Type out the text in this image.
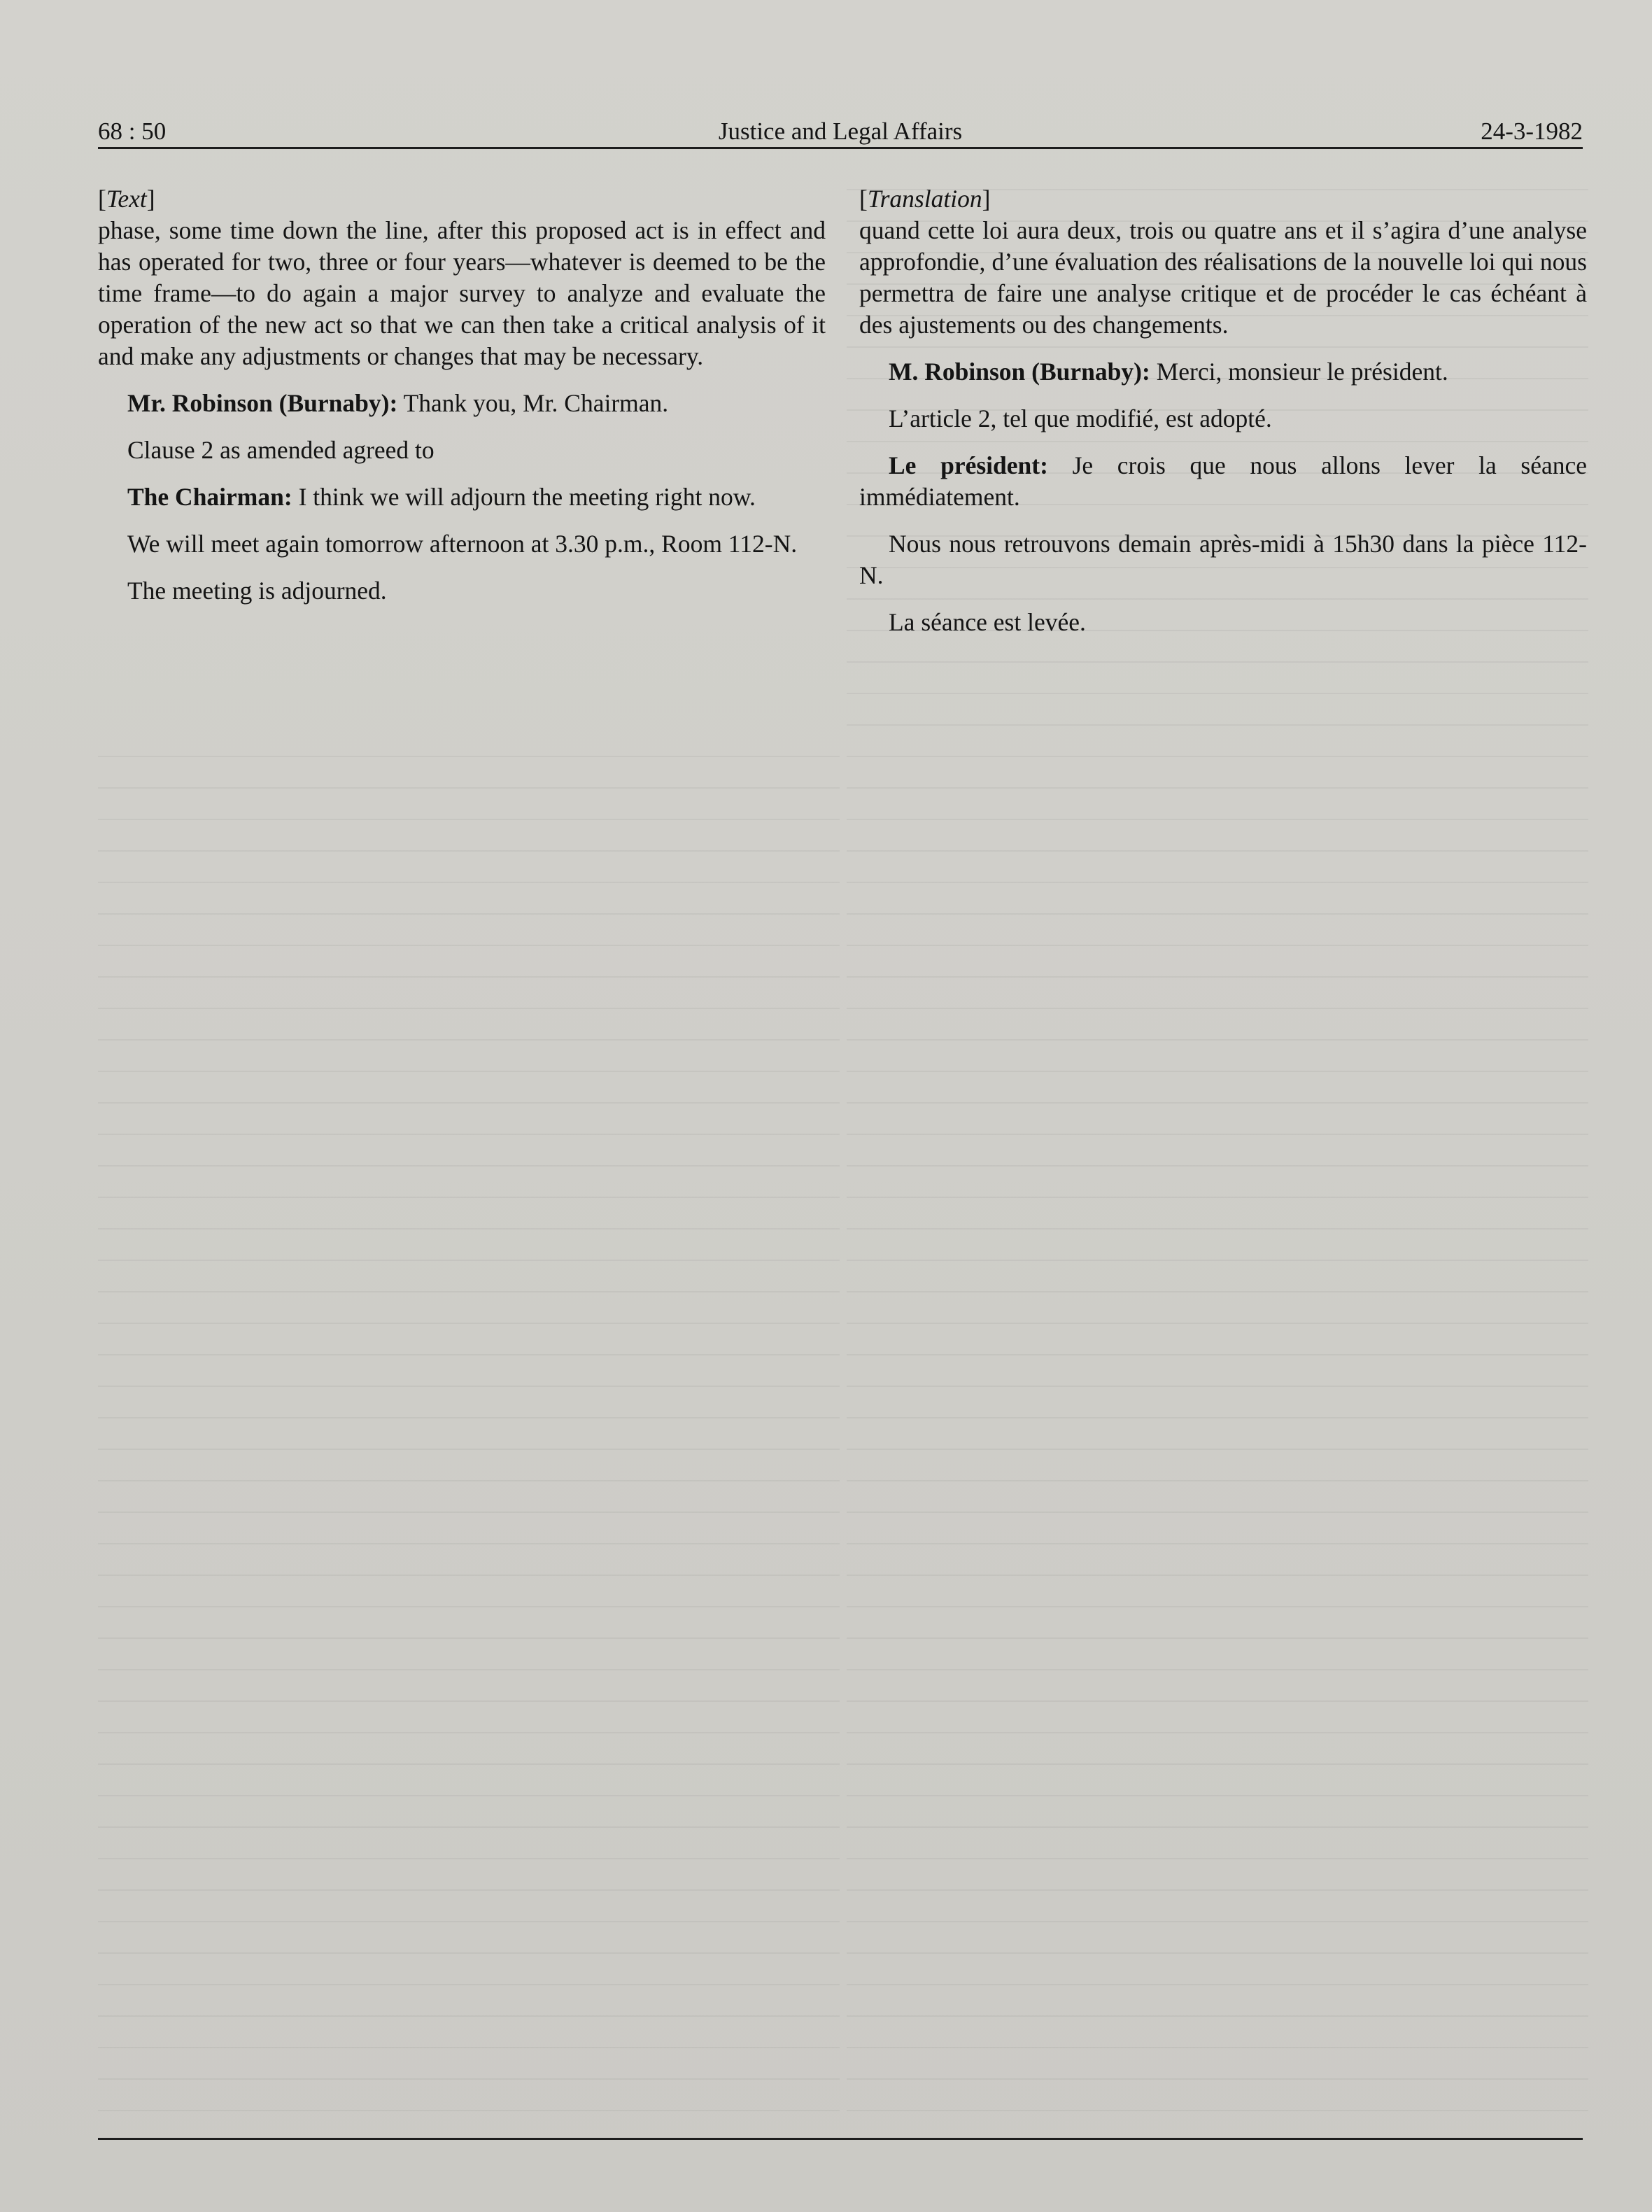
68 : 50	Justice and Legal Affairs	24-3-1982

[Text]

phase, some time down the line, after this proposed act is in effect and has operated for two, three or four years—whatever is deemed to be the time frame—to do again a major survey to analyze and evaluate the operation of the new act so that we can then take a critical analysis of it and make any adjustments or changes that may be necessary.

Mr. Robinson (Burnaby): Thank you, Mr. Chairman.

Clause 2 as amended agreed to

The Chairman: I think we will adjourn the meeting right now.

We will meet again tomorrow afternoon at 3.30 p.m., Room 112-N.

The meeting is adjourned.

[Translation]

quand cette loi aura deux, trois ou quatre ans et il s’agira d’une analyse approfondie, d’une évaluation des réalisations de la nouvelle loi qui nous permettra de faire une analyse critique et de procéder le cas échéant à des ajustements ou des changements.

M. Robinson (Burnaby): Merci, monsieur le président.

L’article 2, tel que modifié, est adopté.

Le président: Je crois que nous allons lever la séance immédiatement.

Nous nous retrouvons demain après-midi à 15h30 dans la pièce 112-N.

La séance est levée.
